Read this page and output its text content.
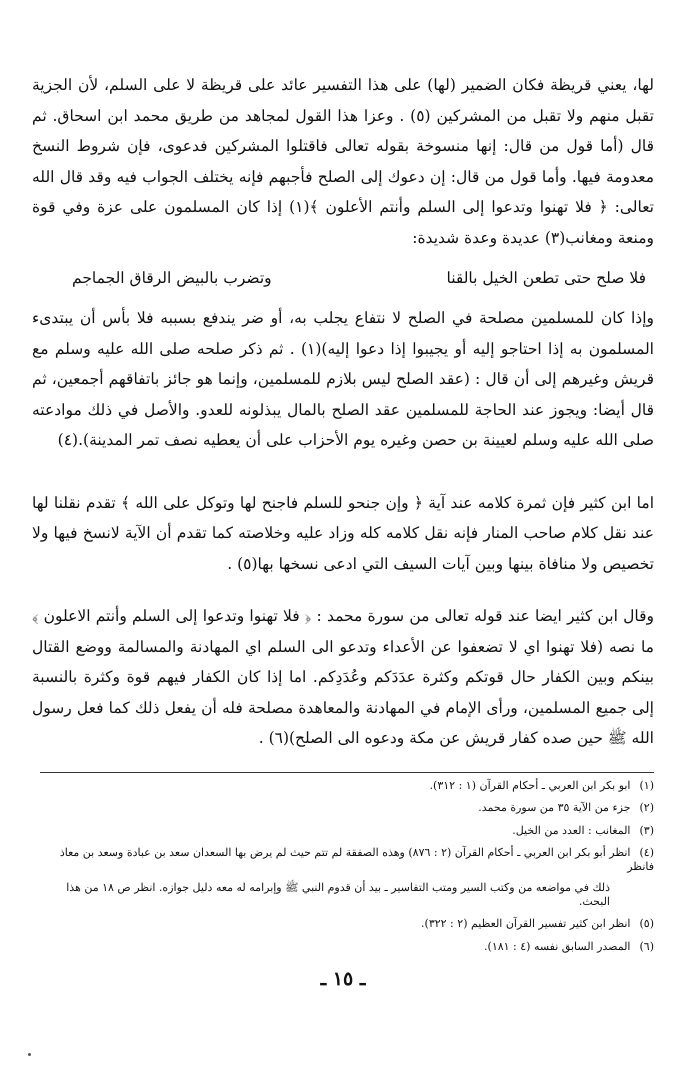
لها، يعني قريظة فكان الضمير (لها) على هذا التفسير عائد على قريظة لا على السلم، لأن الجزية تقبل منهم ولا تقبل من المشركين (٥) . وعزا هذا القول لمجاهد من طريق محمد ابن اسحاق. ثم قال (أما قول من قال: إنها منسوخة بقوله تعالى فاقتلوا المشركين فدعوى، فإن شروط النسخ معدومة فيها. وأما قول من قال: إن دعوك إلى الصلح فأجبهم فإنه يختلف الجواب فيه وقد قال الله تعالى: ﴿ فلا تهنوا وتدعوا إلى السلم وأنتم الأعلون ﴾(١) إذا كان المسلمون على عزة وفي قوة ومنعة ومغانب(٣) عديدة وعدة شديدة:

فلا صلح حتى تطعن الخيل بالقنا
وتضرب بالبيض الرقاق الجماجم

وإذا كان للمسلمين مصلحة في الصلح لا نتفاع يجلب به، أو ضر يندفع بسببه فلا بأس أن يبتدىء المسلمون به إذا احتاجو إليه أو يجيبوا إذا دعوا إليه)(١) . ثم ذكر صلحه صلى الله عليه وسلم مع قريش وغيرهم إلى أن قال : (عقد الصلح ليس بلازم للمسلمين، وإنما هو جائز باتفاقهم أجمعين، ثم قال أيضا: ويجوز عند الحاجة للمسلمين عقد الصلح بالمال يبذلونه للعدو. والأصل في ذلك موادعته صلى الله عليه وسلم لعيينة بن حصن وغيره يوم الأحزاب على أن يعطيه نصف تمر المدينة).(٤)

اما ابن كثير فإن ثمرة كلامه عند آية ﴿ وإن جنحو للسلم فاجنح لها وتوكل على الله ﴾ تقدم نقلنا لها عند نقل كلام صاحب المنار فإنه نقل كلامه كله وزاد عليه وخلاصته كما تقدم أن الآية لانسخ فيها ولا تخصيص ولا منافاة بينها وبين آيات السيف التي ادعى نسخها بها(٥) .

وقال ابن كثير ايضا عند قوله تعالى من سورة محمد : ﴿ فلا تهنوا وتدعوا إلى السلم وأنتم الاعلون ﴾ ما نصه (فلا تهنوا اي لا تضعفوا عن الأعداء وتدعو الى السلم اي المهادنة والمسالمة ووضع القتال بينكم وبين الكفار حال قوتكم وكثرة عدَدَكم وعُدَدِكم. اما إذا كان الكفار فيهم قوة وكثرة بالنسبة إلى جميع المسلمين، ورأى الإمام في المهادنة والمعاهدة مصلحة فله أن يفعل ذلك كما فعل رسول الله ﷺ حين صده كفار قريش عن مكة ودعوه الى الصلح)(٦) .

(١) ابو بكر ابن العربي ـ أحكام القرآن (١ : ٣١٢).
(٢) جزء من الآية ٣٥ من سورة محمد.
(٣) المغانب : العدد من الخيل.
(٤) انظر أبو بكر ابن العربي ـ أحكام القرآن (٢ : ٨٧٦) وهذه الصفقة لم تتم حيث لم يرض بها السعدان سعد بن عبادة وسعد بن معاذ فانظر
ذلك في مواضعه من وكتب السير ومتب التفاسير ـ بيد أن قدوم النبي ﷺ وإبرامه له معه دليل جوازه. انظر ص ١٨ من هذا البحث.
(٥) انظر ابن كثير تفسير القرآن العظيم (٢ : ٣٢٢).
(٦) المصدر السابق نفسه (٤ : ١٨١).
ـ ١٥ ـ
